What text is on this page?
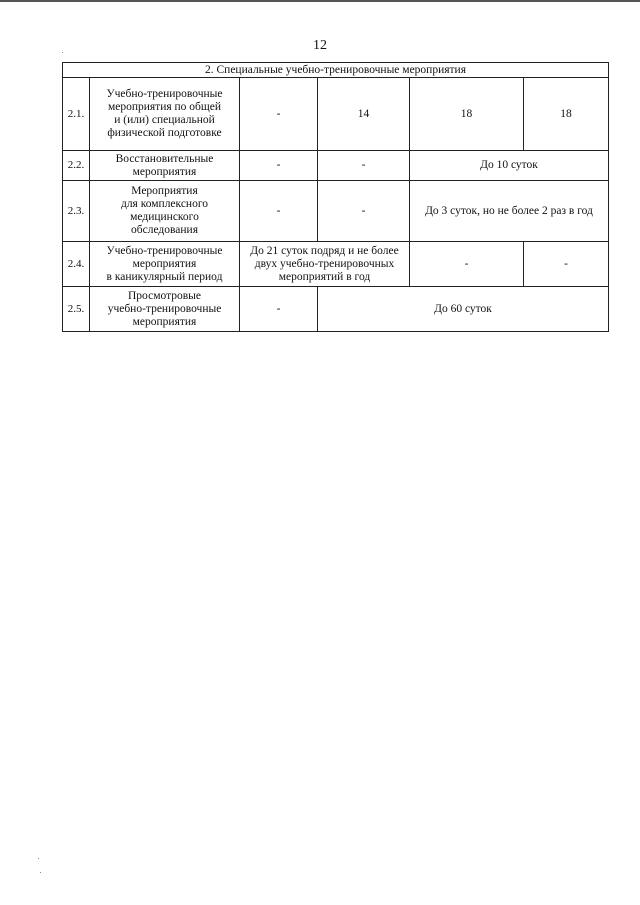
12
2. Специальные учебно-тренировочные мероприятия					
2.1.	Учебно-тренировочные
мероприятия по общей
и (или) специальной
физической подготовке	-	14	18	18
2.2.	Восстановительные
мероприятия	-	-	До 10 суток	
2.3.	Мероприятия
для комплексного
медицинского
обследования	-	-	До 3 суток, но не более 2 раз в год	
2.4.	Учебно-тренировочные
мероприятия
в каникулярный период	До 21 суток подряд и не более
двух учебно-тренировочных
мероприятий в год		-	-
2.5.	Просмотровые
учебно-тренировочные
мероприятия	-	До 60 суток		
